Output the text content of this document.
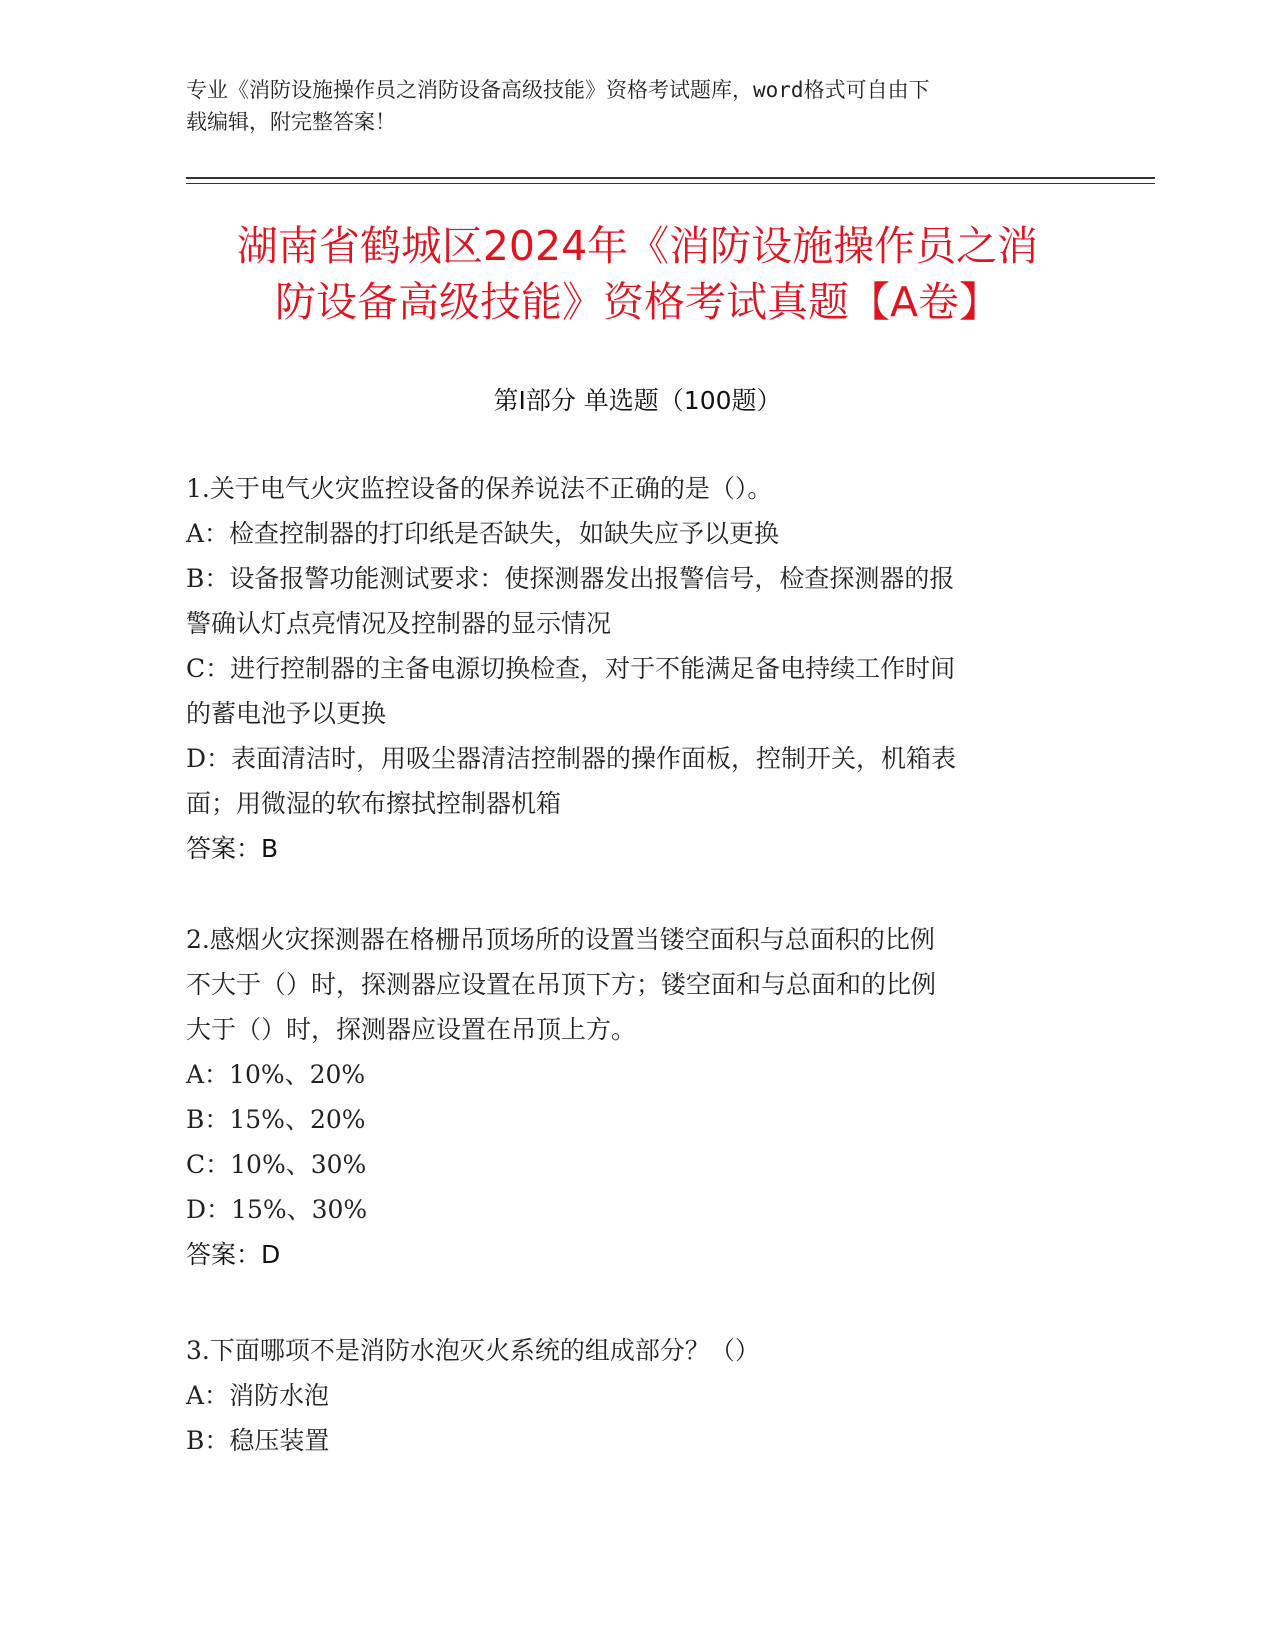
专业《消防设施操作员之消防设备高级技能》资格考试题库，word格式可自由下
载编辑，附完整答案！
湖南省鹤城区2024年《消防设施操作员之消
防设备高级技能》资格考试真题【A卷】
第Ⅰ部分 单选题（100题）

1.关于电气火灾监控设备的保养说法不正确的是（）。

A：检查控制器的打印纸是否缺失，如缺失应予以更换

B：设备报警功能测试要求：使探测器发出报警信号，检查探测器的报

警确认灯点亮情况及控制器的显示情况

C：进行控制器的主备电源切换检查，对于不能满足备电持续工作时间

的蓄电池予以更换

D：表面清洁时，用吸尘器清洁控制器的操作面板，控制开关，机箱表

面；用微湿的软布擦拭控制器机箱

答案：B

2.感烟火灾探测器在格栅吊顶场所的设置当镂空面积与总面积的比例

不大于（）时，探测器应设置在吊顶下方；镂空面和与总面和的比例

大于（）时，探测器应设置在吊顶上方。

A：10%、20%

B：15%、20%

C：10%、30%

D：15%、30%

答案：D

3.下面哪项不是消防水泡灭火系统的组成部分？（）

A：消防水泡

B：稳压装置
